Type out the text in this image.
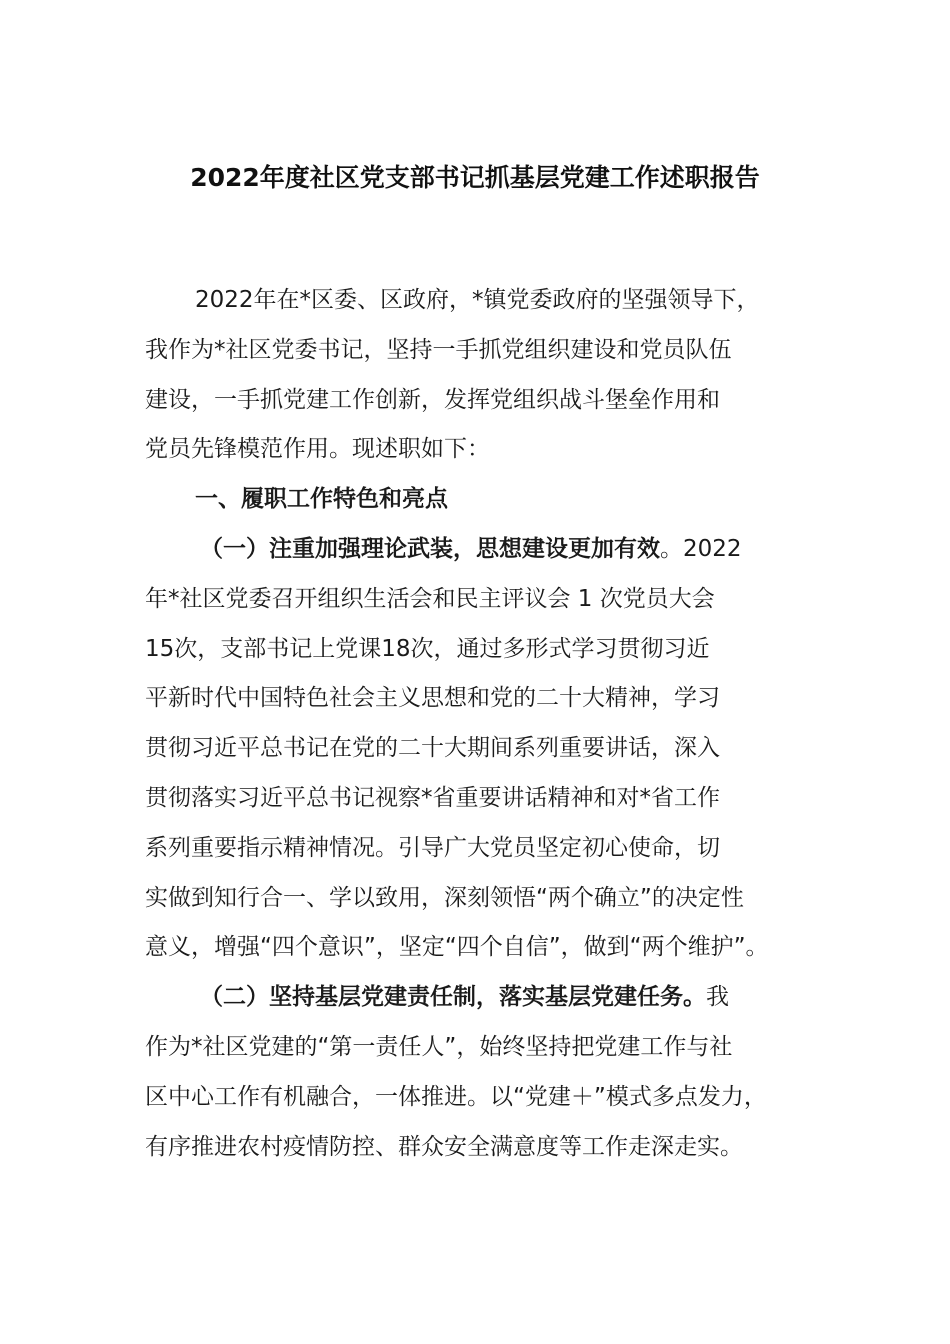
2022年度社区党支部书记抓基层党建工作述职报告
2022年在*区委、区政府，*镇党委政府的坚强领导下，
我作为*社区党委书记，坚持一手抓党组织建设和党员队伍
建设，一手抓党建工作创新，发挥党组织战斗堡垒作用和
党员先锋模范作用。现述职如下：
一、履职工作特色和亮点
（一）注重加强理论武装，思想建设更加有效。2022
年*社区党委召开组织生活会和民主评议会 1 次党员大会
15次，支部书记上党课18次，通过多形式学习贯彻习近
平新时代中国特色社会主义思想和党的二十大精神，学习
贯彻习近平总书记在党的二十大期间系列重要讲话，深入
贯彻落实习近平总书记视察*省重要讲话精神和对*省工作
系列重要指示精神情况。引导广大党员坚定初心使命，切
实做到知行合一、学以致用，深刻领悟“两个确立”的决定性
意义，增强“四个意识”，坚定“四个自信”，做到“两个维护”。
（二）坚持基层党建责任制，落实基层党建任务。我
作为*社区党建的“第一责任人”，始终坚持把党建工作与社
区中心工作有机融合，一体推进。以“党建＋”模式多点发力，
有序推进农村疫情防控、群众安全满意度等工作走深走实。
